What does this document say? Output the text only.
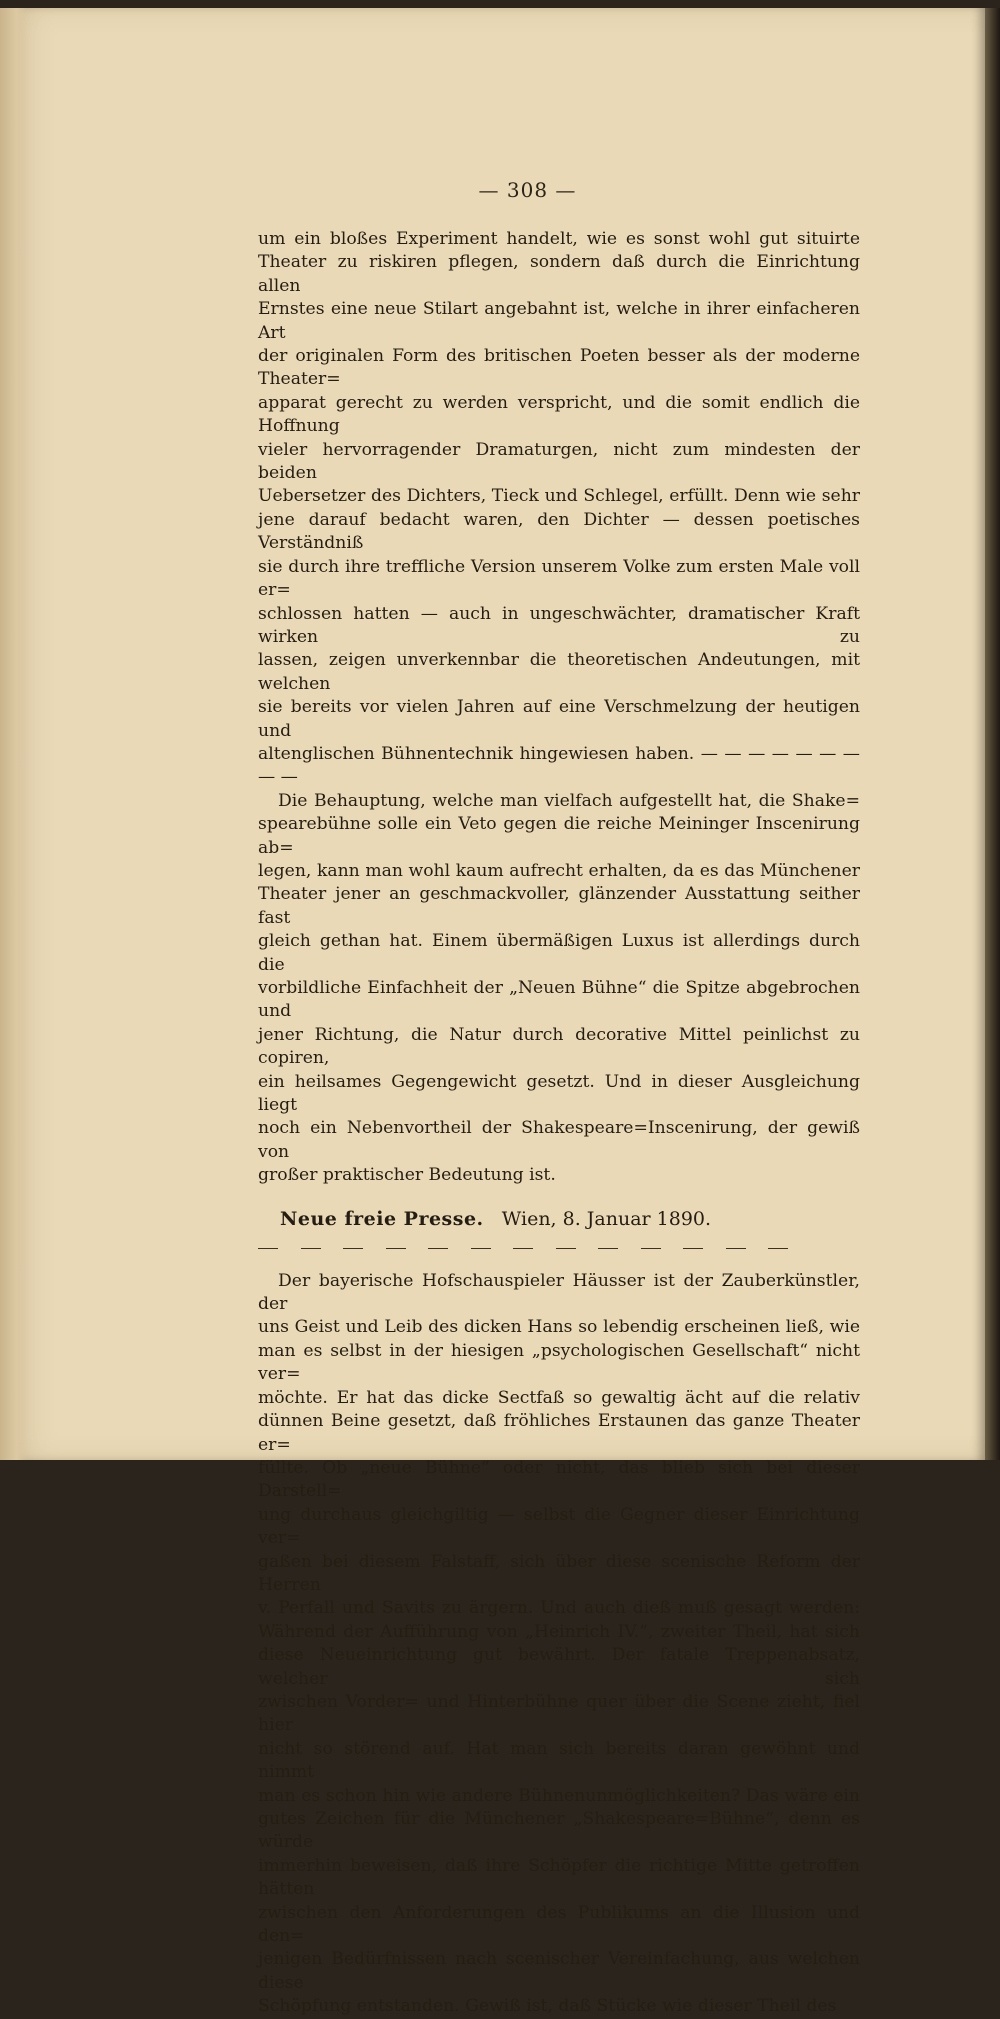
— 308 —

um ein bloßes Experiment handelt, wie es sonst wohl gut situirte

Theater zu riskiren pflegen, sondern daß durch die Einrichtung allen

Ernstes eine neue Stilart angebahnt ist, welche in ihrer einfacheren Art

der originalen Form des britischen Poeten besser als der moderne Theater=

apparat gerecht zu werden verspricht, und die somit endlich die Hoffnung

vieler hervorragender Dramaturgen, nicht zum mindesten der beiden

Uebersetzer des Dichters, Tieck und Schlegel, erfüllt. Denn wie sehr

jene darauf bedacht waren, den Dichter — dessen poetisches Verständniß

sie durch ihre treffliche Version unserem Volke zum ersten Male voll er=

schlossen hatten — auch in ungeschwächter, dramatischer Kraft wirken zu

lassen, zeigen unverkennbar die theoretischen Andeutungen, mit welchen

sie bereits vor vielen Jahren auf eine Verschmelzung der heutigen und

altenglischen Bühnentechnik hingewiesen haben. — — — — — — — — —

Die Behauptung, welche man vielfach aufgestellt hat, die Shake=

spearebühne solle ein Veto gegen die reiche Meininger Inscenirung ab=

legen, kann man wohl kaum aufrecht erhalten, da es das Münchener

Theater jener an geschmackvoller, glänzender Ausstattung seither fast

gleich gethan hat. Einem übermäßigen Luxus ist allerdings durch die

vorbildliche Einfachheit der „Neuen Bühne“ die Spitze abgebrochen und

jener Richtung, die Natur durch decorative Mittel peinlichst zu copiren,

ein heilsames Gegengewicht gesetzt. Und in dieser Ausgleichung liegt

noch ein Nebenvortheil der Shakespeare=Inscenirung, der gewiß von

großer praktischer Bedeutung ist.

Neue freie Presse. Wien, 8. Januar 1890.

Der bayerische Hofschauspieler Häusser ist der Zauberkünstler, der

uns Geist und Leib des dicken Hans so lebendig erscheinen ließ, wie

man es selbst in der hiesigen „psychologischen Gesellschaft“ nicht ver=

möchte. Er hat das dicke Sectfaß so gewaltig ächt auf die relativ

dünnen Beine gesetzt, daß fröhliches Erstaunen das ganze Theater er=

füllte. Ob „neue Bühne“ oder nicht, das blieb sich bei dieser Darstell=

ung durchaus gleichgiltig — selbst die Gegner dieser Einrichtung ver=

gaßen bei diesem Falstaff, sich über diese scenische Reform der Herren

v. Perfall und Savits zu ärgern. Und auch dieß muß gesagt werden:

Während der Aufführung von „Heinrich IV.“, zweiter Theil, hat sich

diese Neueinrichtung gut bewährt. Der fatale Treppenabsatz, welcher sich

zwischen Vorder= und Hinterbühne quer über die Scene zieht, fiel hier

nicht so störend auf. Hat man sich bereits daran gewöhnt und nimmt

man es schon hin wie andere Bühnenunmöglichkeiten? Das wäre ein

gutes Zeichen für die Münchener „Shakespeare=Bühne“, denn es würde

immerhin beweisen, daß ihre Schöpfer die richtige Mitte getroffen hätten

zwischen den Anforderungen des Publikums an die Illusion und den=

jenigen Bedürfnissen nach scenischer Vereinfachung, aus welchen diese

Schöpfung entstanden. Gewiß ist, daß Stücke wie dieser Theil des
